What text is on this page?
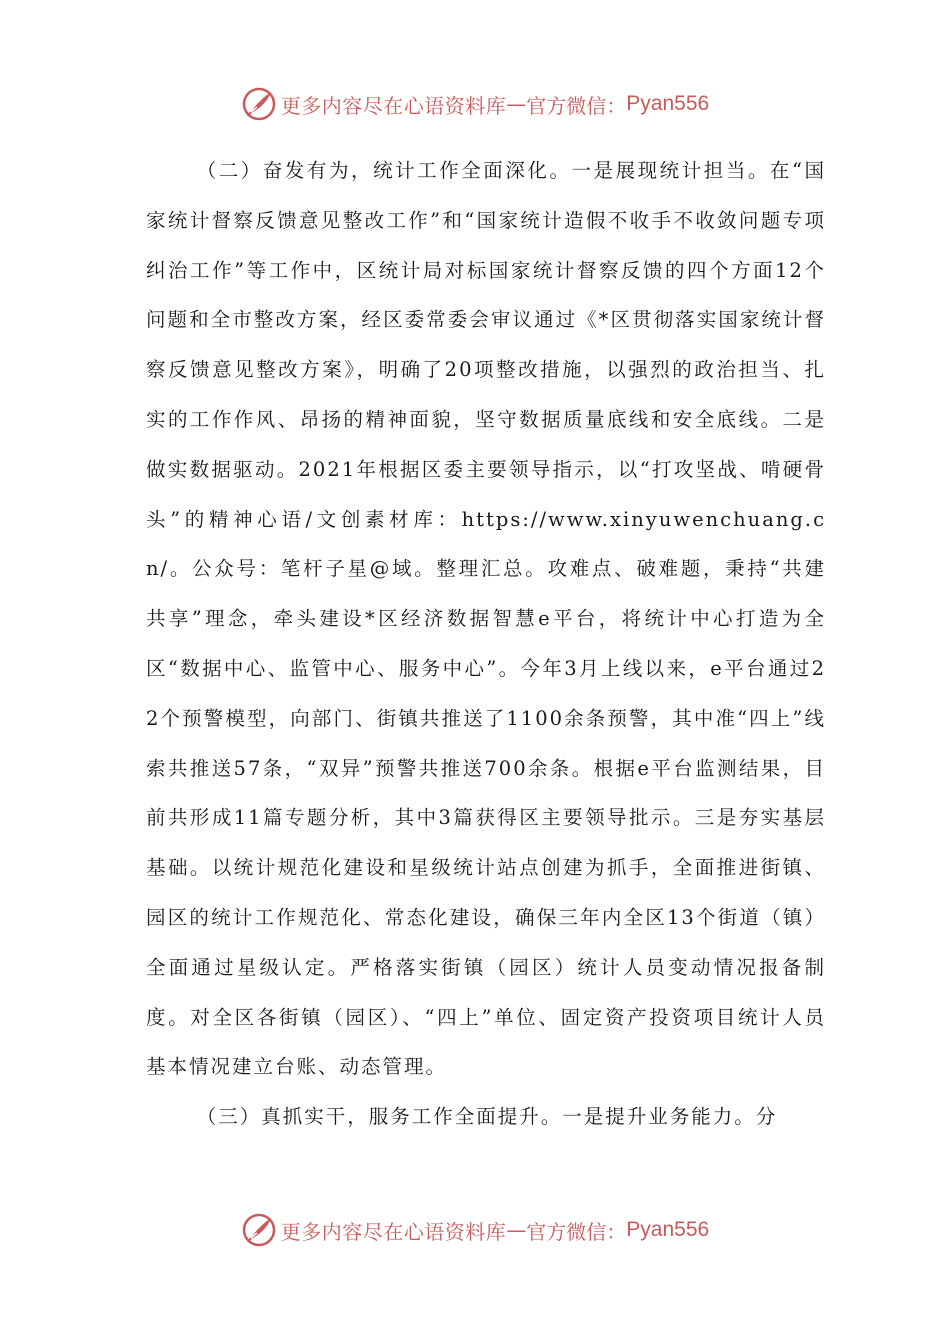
更多内容尽在心语资料库 — 官方微信： Pyan556

（二）奋发有为，统计工作全面深化。一是展现统计担当。在“国家统计督察反馈意见整改工作”和“国家统计造假不收手不收敛问题专项纠治工作”等工作中，区统计局对标国家统计督察反馈的四个方面12个问题和全市整改方案，经区委常委会审议通过《*区贯彻落实国家统计督察反馈意见整改方案》，明确了20项整改措施，以强烈的政治担当、扎实的工作作风、昂扬的精神面貌，坚守数据质量底线和安全底线。二是做实数据驱动。2021年根据区委主要领导指示，以“打攻坚战、啃硬骨头”的精神心语/文创素材库：https://www.xinyuwenchuang.cn/。公众号：笔杆子星@域。整理汇总。攻难点、破难题，秉持“共建共享”理念，牵头建设*区经济数据智慧e平台，将统计中心打造为全区“数据中心、监管中心、服务中心”。今年3月上线以来，e平台通过22个预警模型，向部门、街镇共推送了1100余条预警，其中准“四上”线索共推送57条，“双异”预警共推送700余条。根据e平台监测结果，目前共形成11篇专题分析，其中3篇获得区主要领导批示。三是夯实基层基础。以统计规范化建设和星级统计站点创建为抓手，全面推进街镇、园区的统计工作规范化、常态化建设，确保三年内全区13个街道（镇）全面通过星级认定。严格落实街镇（园区）统计人员变动情况报备制度。对全区各街镇（园区）、“四上”单位、固定资产投资项目统计人员基本情况建立台账、动态管理。

（三）真抓实干，服务工作全面提升。一是提升业务能力。分

更多内容尽在心语资料库 — 官方微信： Pyan556
